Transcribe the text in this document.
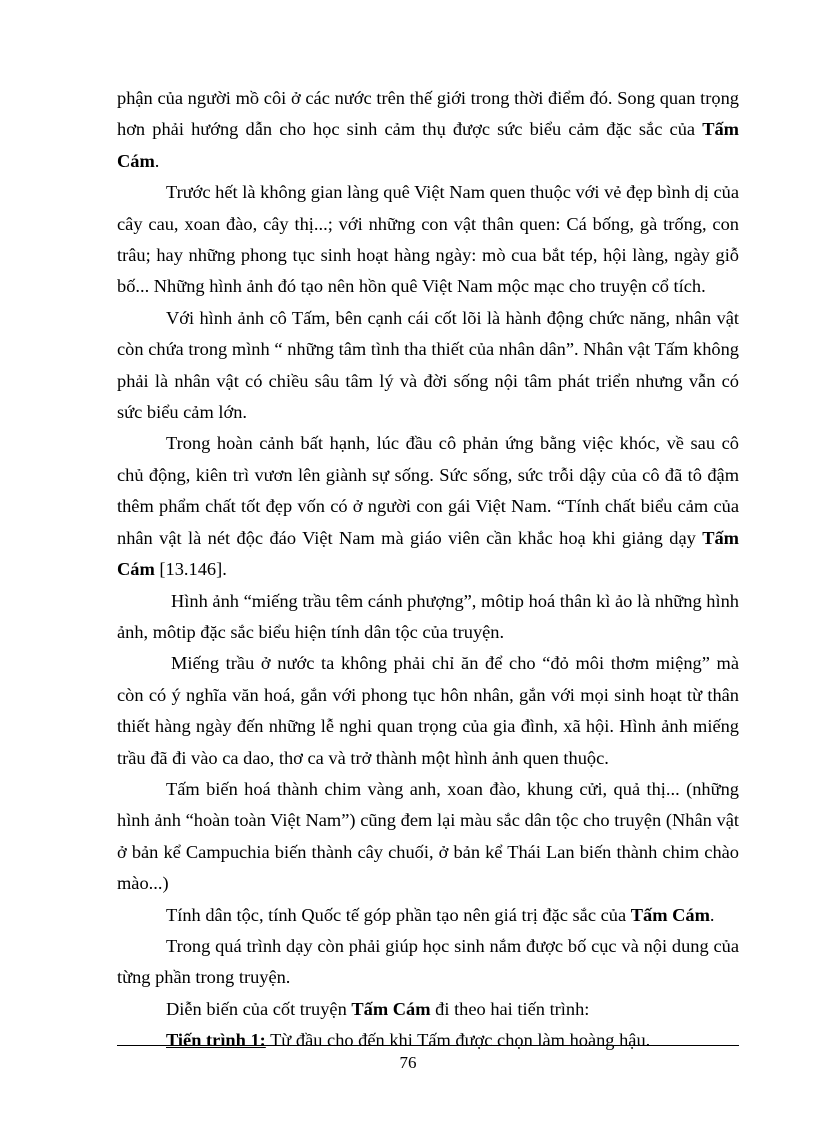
phận của người mồ côi ở các nước trên thế giới trong thời điểm đó. Song quan trọng hơn phải hướng dẫn cho học sinh cảm thụ được sức biểu cảm đặc sắc của Tấm Cám.

Trước hết là không gian làng quê Việt Nam quen thuộc với vẻ đẹp bình dị của cây cau, xoan đào, cây thị...; với những con vật thân quen: Cá bống, gà trống, con trâu; hay những phong tục sinh hoạt hàng ngày: mò cua bắt tép, hội làng, ngày giỗ bố... Những hình ảnh đó tạo nên hồn quê Việt Nam mộc mạc cho truyện cổ tích.

Với hình ảnh cô Tấm, bên cạnh cái cốt lõi là hành động chức năng, nhân vật còn chứa trong mình “ những tâm tình tha thiết của nhân dân”. Nhân vật Tấm không phải là nhân vật có chiều sâu tâm lý và đời sống nội tâm phát triển nhưng vẫn có sức biểu cảm lớn.

Trong hoàn cảnh bất hạnh, lúc đầu cô phản ứng bằng việc khóc, về sau cô chủ động, kiên trì vươn lên giành sự sống. Sức sống, sức trỗi dậy của cô đã tô đậm thêm phẩm chất tốt đẹp vốn có ở người con gái Việt Nam. “Tính chất biểu cảm của nhân vật là nét độc đáo Việt Nam mà giáo viên cần khắc hoạ khi giảng dạy Tấm Cám [13.146].

Hình ảnh “miếng trầu têm cánh phượng”, môtip hoá thân kì ảo là những hình ảnh, môtip đặc sắc biểu hiện tính dân tộc của truyện.

Miếng trầu ở nước ta không phải chỉ ăn để cho “đỏ môi thơm miệng” mà còn có ý nghĩa văn hoá, gắn với phong tục hôn nhân, gắn với mọi sinh hoạt từ thân thiết hàng ngày đến những lễ nghi quan trọng của gia đình, xã hội. Hình ảnh miếng trầu đã đi vào ca dao, thơ ca và trở thành một hình ảnh quen thuộc.

Tấm biến hoá thành chim vàng anh, xoan đào, khung cửi, quả thị... (những hình ảnh “hoàn toàn Việt Nam”) cũng đem lại màu sắc dân tộc cho truyện (Nhân vật ở bản kể Campuchia biến thành cây chuối, ở bản kể Thái Lan biến thành chim chào mào...)

Tính dân tộc, tính Quốc tế góp phần tạo nên giá trị đặc sắc của Tấm Cám.

Trong quá trình dạy còn phải giúp học sinh nắm được bố cục và nội dung của từng phần trong truyện.

Diễn biến của cốt truyện Tấm Cám đi theo hai tiến trình:

Tiến trình 1: Từ đầu cho đến khi Tấm được chọn làm hoàng hậu.

76
